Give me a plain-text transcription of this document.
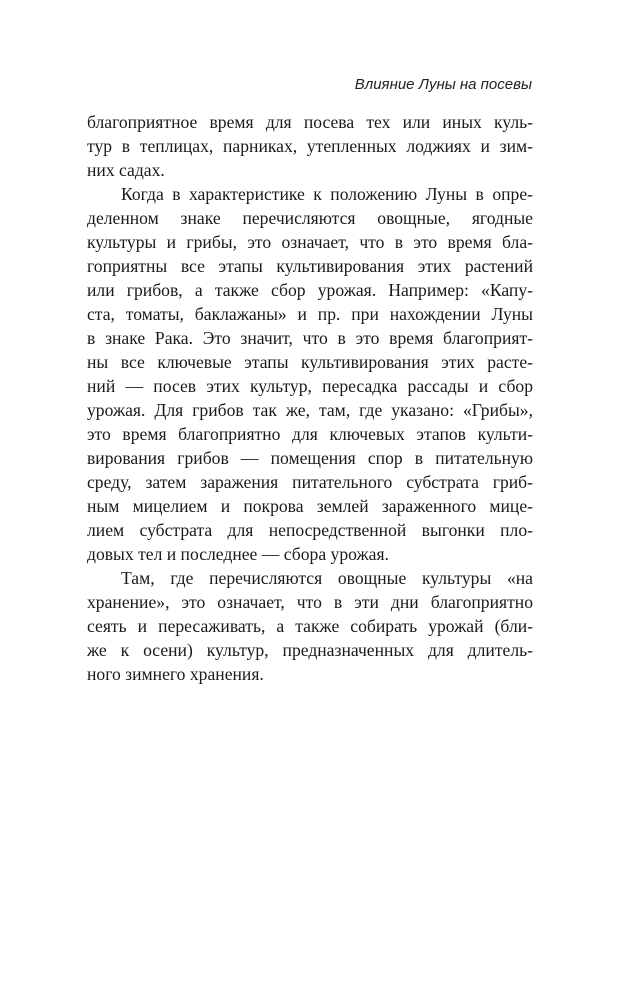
Влияние Луны на посевы
благоприятное время для посева тех или иных куль-
тур в теплицах, парниках, утепленных лоджиях и зим-
них садах.
Когда в характеристике к положению Луны в опре-
деленном знаке перечисляются овощные, ягодные
культуры и грибы, это означает, что в это время бла-
гоприятны все этапы культивирования этих растений
или грибов, а также сбор урожая. Например: «Капу-
ста, томаты, баклажаны» и пр. при нахождении Луны
в знаке Рака. Это значит, что в это время благоприят-
ны все ключевые этапы культивирования этих расте-
ний — посев этих культур, пересадка рассады и сбор
урожая. Для грибов так же, там, где указано: «Грибы»,
это время благоприятно для ключевых этапов культи-
вирования грибов — помещения спор в питательную
среду, затем заражения питательного субстрата гриб-
ным мицелием и покрова землей зараженного мице-
лием субстрата для непосредственной выгонки пло-
довых тел и последнее — сбора урожая.
Там, где перечисляются овощные культуры «на
хранение», это означает, что в эти дни благоприятно
сеять и пересаживать, а также собирать урожай (бли-
же к осени) культур, предназначенных для длитель-
ного зимнего хранения.
